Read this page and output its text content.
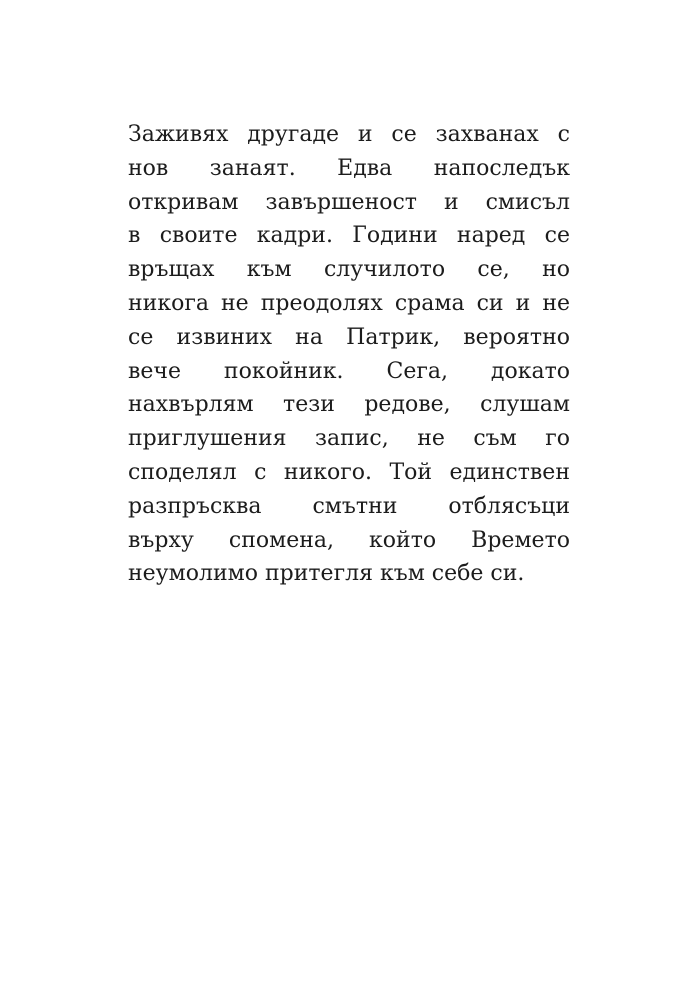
Заживях другаде и се захванах с
нов занаят. Едва напоследък
откривам завършеност и смисъл
в своите кадри. Години наред се
връщах към случилото се, но
никога не преодолях срама си и не
се извиних на Патрик, вероятно
вече покойник. Сега, докато
нахвърлям тези редове, слушам
приглушения запис, не съм го
споделял с никого. Той единствен
разпръсква смътни отблясъци
върху спомена, който Времето
неумолимо притегля към себе си.
